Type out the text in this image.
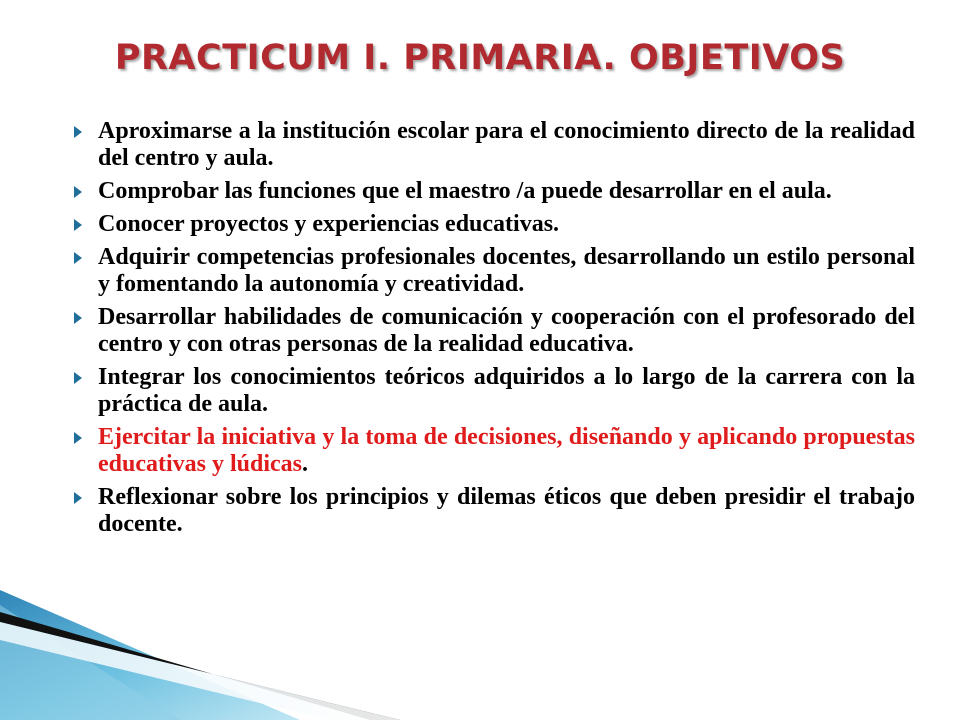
PRACTICUM I. PRIMARIA. OBJETIVOS
Aproximarse a la institución escolar para el conocimiento directo de la realidad del centro y aula.
Comprobar las funciones que el maestro /a puede desarrollar en el aula.
Conocer proyectos y experiencias educativas.
Adquirir competencias profesionales docentes, desarrollando un estilo personal y fomentando la autonomía y creatividad.
Desarrollar habilidades de comunicación y cooperación con el profesorado del centro y con otras personas de la realidad educativa.
Integrar los conocimientos teóricos adquiridos a lo largo de la carrera con la práctica de aula.
Ejercitar la iniciativa y la toma de decisiones, diseñando y aplicando propuestas educativas y lúdicas.
Reflexionar sobre los principios y dilemas éticos que deben presidir el trabajo docente.
